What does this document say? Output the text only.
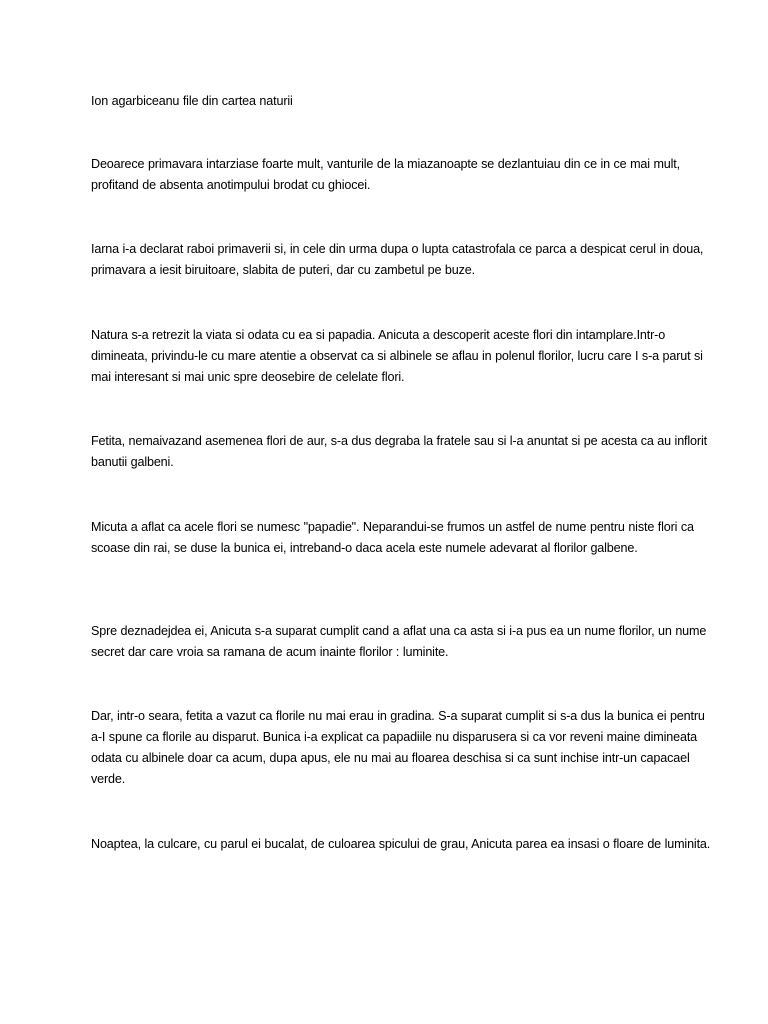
Ion agarbiceanu file din cartea naturii

Deoarece primavara intarziase foarte mult, vanturile de la miazanoapte se dezlantuiau din ce in ce mai mult, profitand de absenta anotimpului brodat cu ghiocei.

Iarna i-a declarat raboi primaverii si, in cele din urma dupa o lupta catastrofala ce parca a despicat cerul in doua, primavara a iesit biruitoare, slabita de puteri, dar cu zambetul pe buze.

Natura s-a retrezit la viata si odata cu ea si papadia. Anicuta a descoperit aceste flori din intamplare.Intr-o dimineata, privindu-le cu mare atentie a observat ca si albinele se aflau in polenul florilor, lucru care I s-a parut si mai interesant si mai unic spre deosebire de celelate flori.

Fetita, nemaivazand asemenea flori de aur, s-a dus degraba la fratele sau si l-a anuntat si pe acesta ca au inflorit banutii galbeni.

Micuta a aflat ca acele flori se numesc "papadie". Neparandui-se frumos un astfel de nume pentru niste flori ca scoase din rai, se duse la bunica ei, intreband-o daca acela este numele adevarat al florilor galbene.

Spre deznadejdea ei, Anicuta s-a suparat cumplit cand a aflat una ca asta si i-a pus ea un nume florilor, un nume secret dar care vroia sa ramana de acum inainte florilor : luminite.

Dar, intr-o seara, fetita a vazut ca florile nu mai erau in gradina. S-a suparat cumplit si s-a dus la bunica ei pentru a-I spune ca florile au disparut. Bunica i-a explicat ca papadiile nu disparusera si ca vor reveni maine dimineata odata cu albinele doar ca acum, dupa apus, ele nu mai au floarea deschisa si ca sunt inchise intr-un capacael verde.

Noaptea, la culcare, cu parul ei bucalat, de culoarea spicului de grau, Anicuta parea ea insasi o floare de luminita.
